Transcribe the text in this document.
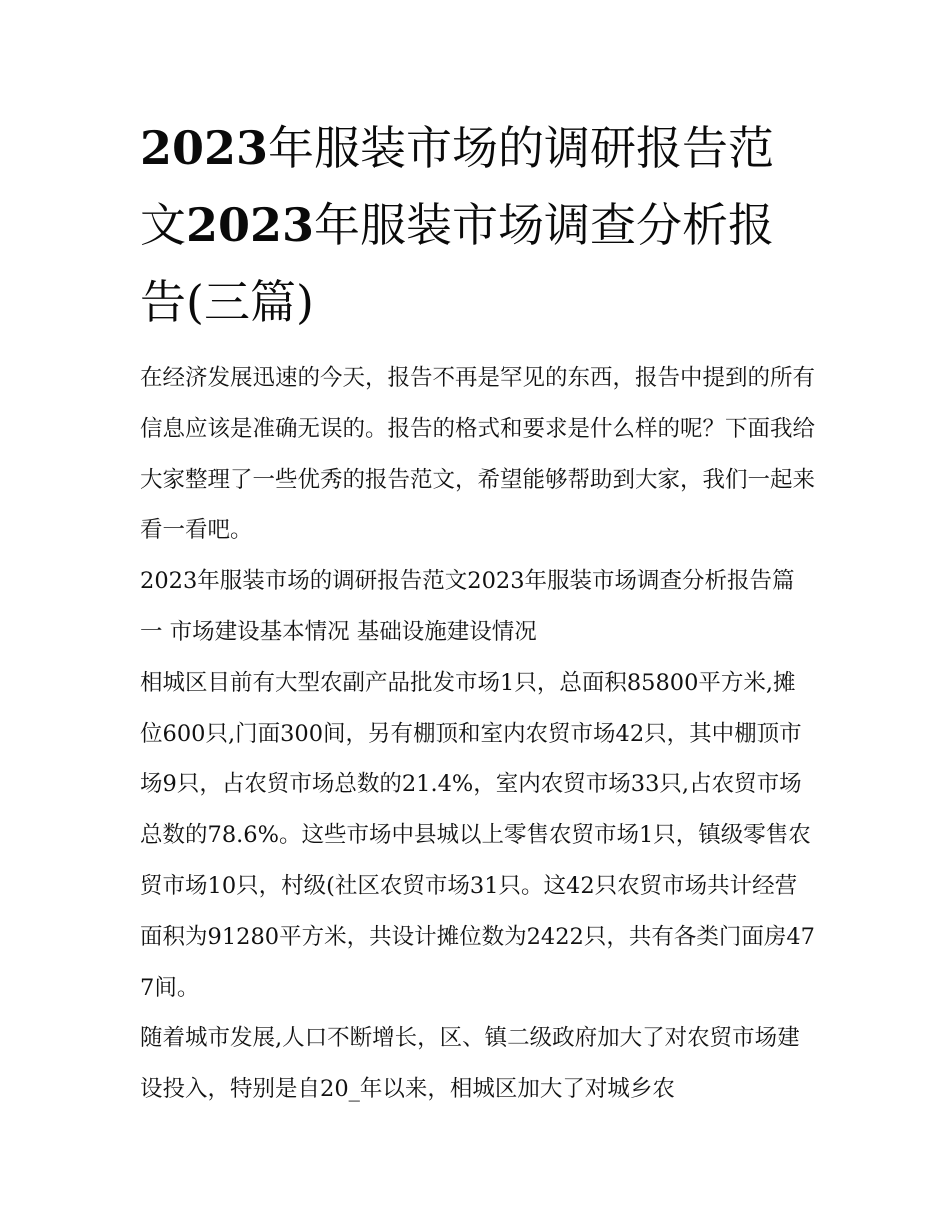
2023年服装市场的调研报告范文2023年服装市场调查分析报告(三篇)

在经济发展迅速的今天，报告不再是罕见的东西，报告中提到的所有信息应该是准确无误的。报告的格式和要求是什么样的呢？下面我给大家整理了一些优秀的报告范文，希望能够帮助到大家，我们一起来看一看吧。

2023年服装市场的调研报告范文2023年服装市场调查分析报告篇一 市场建设基本情况 基础设施建设情况

相城区目前有大型农副产品批发市场1只，总面积85800平方米,摊位600只,门面300间，另有棚顶和室内农贸市场42只，其中棚顶市场9只，占农贸市场总数的21.4%，室内农贸市场33只,占农贸市场总数的78.6%。这些市场中县城以上零售农贸市场1只，镇级零售农贸市场10只，村级(社区农贸市场31只。这42只农贸市场共计经营面积为91280平方米，共设计摊位数为2422只，共有各类门面房477间。

随着城市发展,人口不断增长，区、镇二级政府加大了对农贸市场建设投入，特别是自20_年以来，相城区加大了对城乡农
